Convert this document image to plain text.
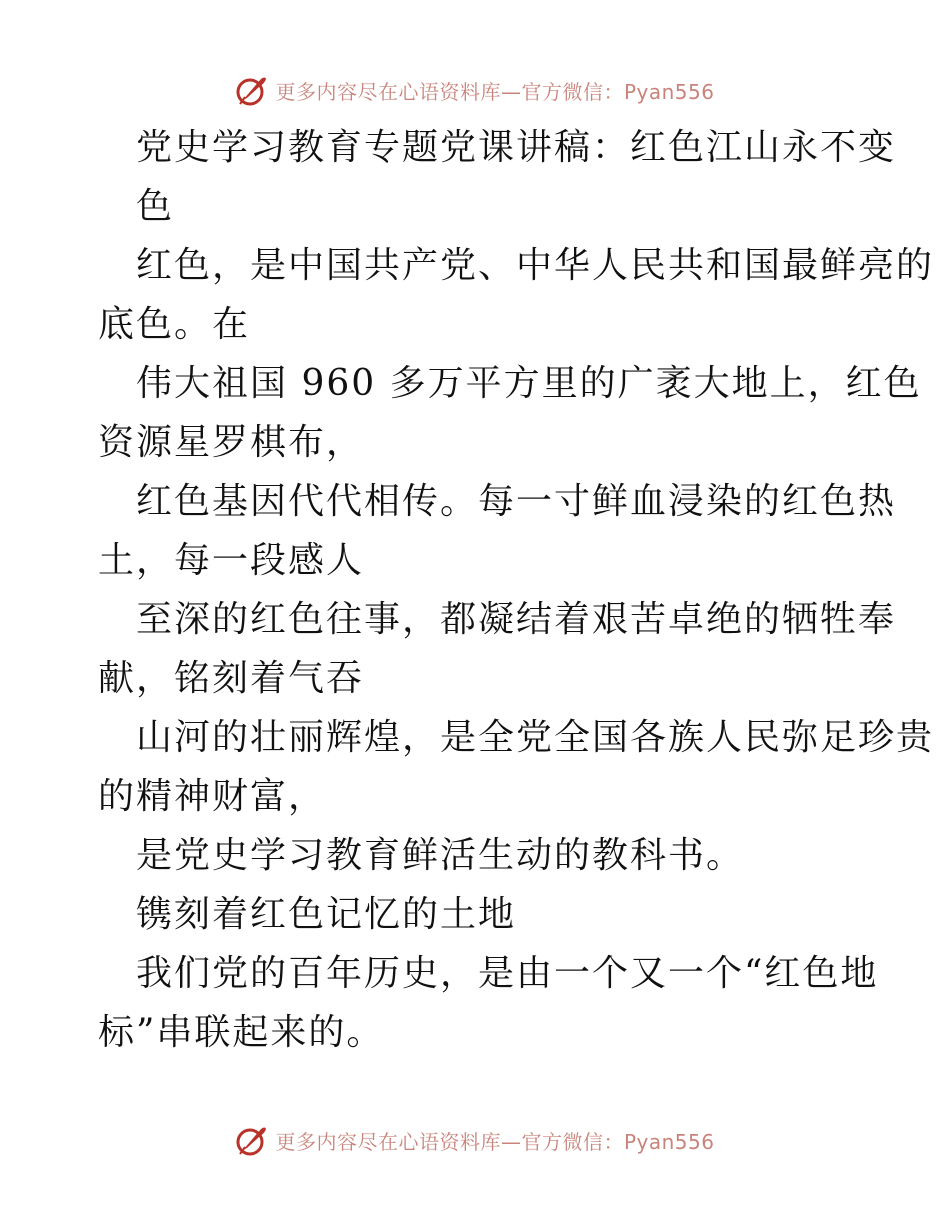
更多内容尽在心语资料库—官方微信：Pyan556
党史学习教育专题党课讲稿：红色江山永不变
色
红色，是中国共产党、中华人民共和国最鲜亮的
底色。在
伟大祖国 960 多万平方里的广袤大地上，红色
资源星罗棋布，
红色基因代代相传。每一寸鲜血浸染的红色热
土，每一段感人
至深的红色往事，都凝结着艰苦卓绝的牺牲奉
献，铭刻着气吞
山河的壮丽辉煌，是全党全国各族人民弥足珍贵
的精神财富，
是党史学习教育鲜活生动的教科书。
镌刻着红色记忆的土地
我们党的百年历史，是由一个又一个“红色地
标”串联起来的。
更多内容尽在心语资料库—官方微信：Pyan556
